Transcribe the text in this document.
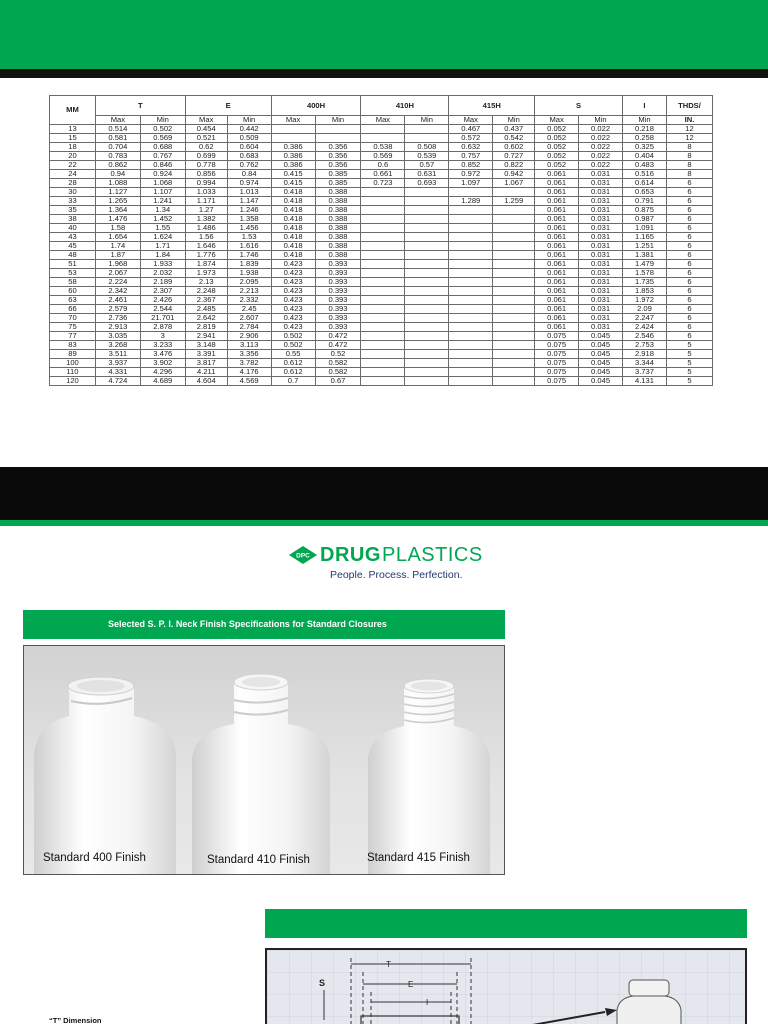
MM	T		E		400H		410H		415H		S		I	THDS/
	Max	Min	Max	Min	Max	Min	Max	Min	Max	Min	Max	Min	Min	IN.
13	0.514	0.502	0.454	0.442					0.467	0.437	0.052	0.022	0.218	12
15	0.581	0.569	0.521	0.509					0.572	0.542	0.052	0.022	0.258	12
18	0.704	0.688	0.62	0.604	0.386	0.356	0.538	0.508	0.632	0.602	0.052	0.022	0.325	8
20	0.783	0.767	0.699	0.683	0.386	0.356	0.569	0.539	0.757	0.727	0.052	0.022	0.404	8
22	0.862	0.846	0.778	0.762	0.386	0.356	0.6	0.57	0.852	0.822	0.052	0.022	0.483	8
24	0.94	0.924	0.856	0.84	0.415	0.385	0.661	0.631	0.972	0.942	0.061	0.031	0.516	8
28	1.088	1.068	0.994	0.974	0.415	0.385	0.723	0.693	1.097	1.067	0.061	0.031	0.614	6
30	1.127	1.107	1.033	1.013	0.418	0.388					0.061	0.031	0.653	6
33	1.265	1.241	1.171	1.147	0.418	0.388			1.289	1.259	0.061	0.031	0.791	6
35	1.364	1.34	1.27	1.246	0.418	0.388					0.061	0.031	0.875	6
38	1.476	1.452	1.382	1.358	0.418	0.388					0.061	0.031	0.987	6
40	1.58	1.55	1.486	1.456	0.418	0.388					0.061	0.031	1.091	6
43	1.654	1.624	1.56	1.53	0.418	0.388					0.061	0.031	1.165	6
45	1.74	1.71	1.646	1.616	0.418	0.388					0.061	0.031	1.251	6
48	1.87	1.84	1.776	1.746	0.418	0.388					0.061	0.031	1.381	6
51	1.968	1.933	1.874	1.839	0.423	0.393					0.061	0.031	1.479	6
53	2.067	2.032	1.973	1.938	0.423	0.393					0.061	0.031	1.578	6
58	2.224	2.189	2.13	2.095	0.423	0.393					0.061	0.031	1.735	6
60	2.342	2.307	2.248	2.213	0.423	0.393					0.061	0.031	1.853	6
63	2.461	2.426	2.367	2.332	0.423	0.393					0.061	0.031	1.972	6
66	2.579	2.544	2.485	2.45	0.423	0.393					0.061	0.031	2.09	6
70	2.736	21.701	2.642	2.607	0.423	0.393					0.061	0.031	2.247	6
75	2.913	2.878	2.819	2.784	0.423	0.393					0.061	0.031	2.424	6
77	3.035	3	2.941	2.906	0.502	0.472					0.075	0.045	2.546	6
83	3.268	3.233	3.148	3.113	0.502	0.472					0.075	0.045	2.753	5
89	3.511	3.476	3.391	3.356	0.55	0.52					0.075	0.045	2.918	5
100	3.937	3.902	3.817	3.782	0.612	0.582					0.075	0.045	3.344	5
110	4.331	4.296	4.211	4.176	0.612	0.582					0.075	0.045	3.737	5
120	4.724	4.689	4.604	4.569	0.7	0.67					0.075	0.045	4.131	5
DPC DRUG PLASTICS
People. Process. Perfection.
Selected S. P. I. Neck Finish Specifications for Standard Closures
Standard 400 Finish	Standard 410 Finish	Standard 415 Finish
S
T
E
I
“T” Dimension
